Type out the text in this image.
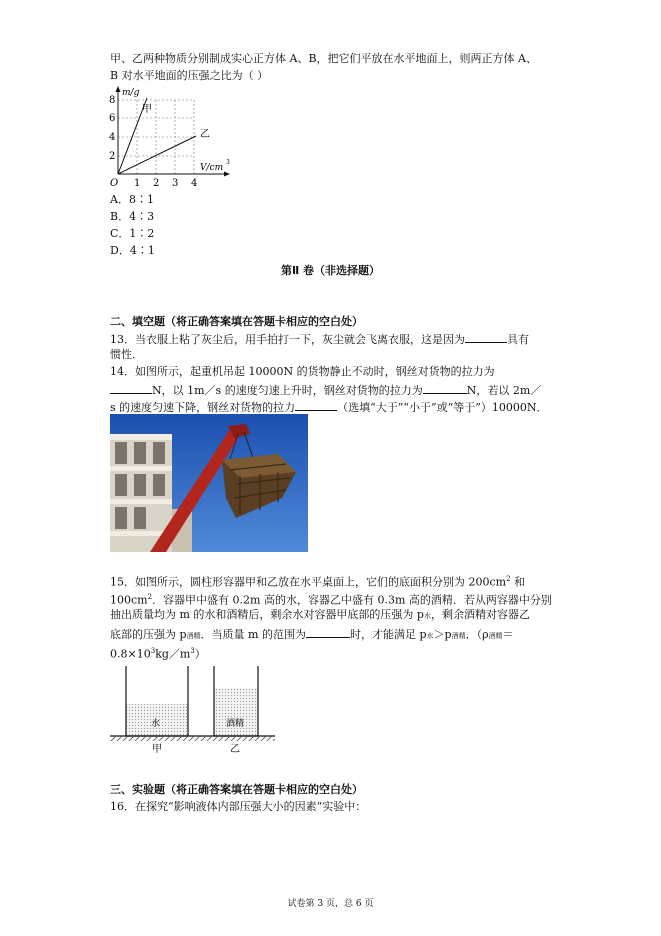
甲、乙两种物质分别制成实心正方体 A、B，把它们平放在水平地面上，则两正方体 A、
B 对水平地面的压强之比为（ ）
m/g
甲
乙
8
6
4
2
O 1 2 3 4
V/cm
3
A．8∶1
B．4∶3
C．1∶2
D．4∶1
第Ⅱ 卷（非选择题）
二、填空题（将正确答案填在答题卡相应的空白处）
13．当衣服上粘了灰尘后，用手拍打一下，灰尘就会飞离衣服，这是因为	具有
惯性．
14．如图所示，起重机吊起 10000N 的货物静止不动时，钢丝对货物的拉力为
N，以 1m／s 的速度匀速上升时，钢丝对货物的拉力为	N，若以 2m／
s 的速度匀速下降，钢丝对货物的拉力	（选填“大于”“小于”或“等于”）10000N．
15．如图所示，圆柱形容器甲和乙放在水平桌面上，它们的底面积分别为 $200cm^2$ 和
$100cm^2$．容器甲中盛有 0.2m 高的水，容器乙中盛有 0.3m 高的酒精．若从两容器中分别
抽出质量均为 m 的水和酒精后，剩余水对容器甲底部的压强为 p水，剩余酒精对容器乙
底部的压强为 p酒精．当质量 m 的范围为	时，才能满足 p水＞p酒精．（ρ酒精＝
$0.8\times 10^3kg/m^3$）
水	酒精
甲	乙
三、实验题（将正确答案填在答题卡相应的空白处）
16．在探究“影响液体内部压强大小的因素“实验中：
试卷第 3 页，总 6 页
